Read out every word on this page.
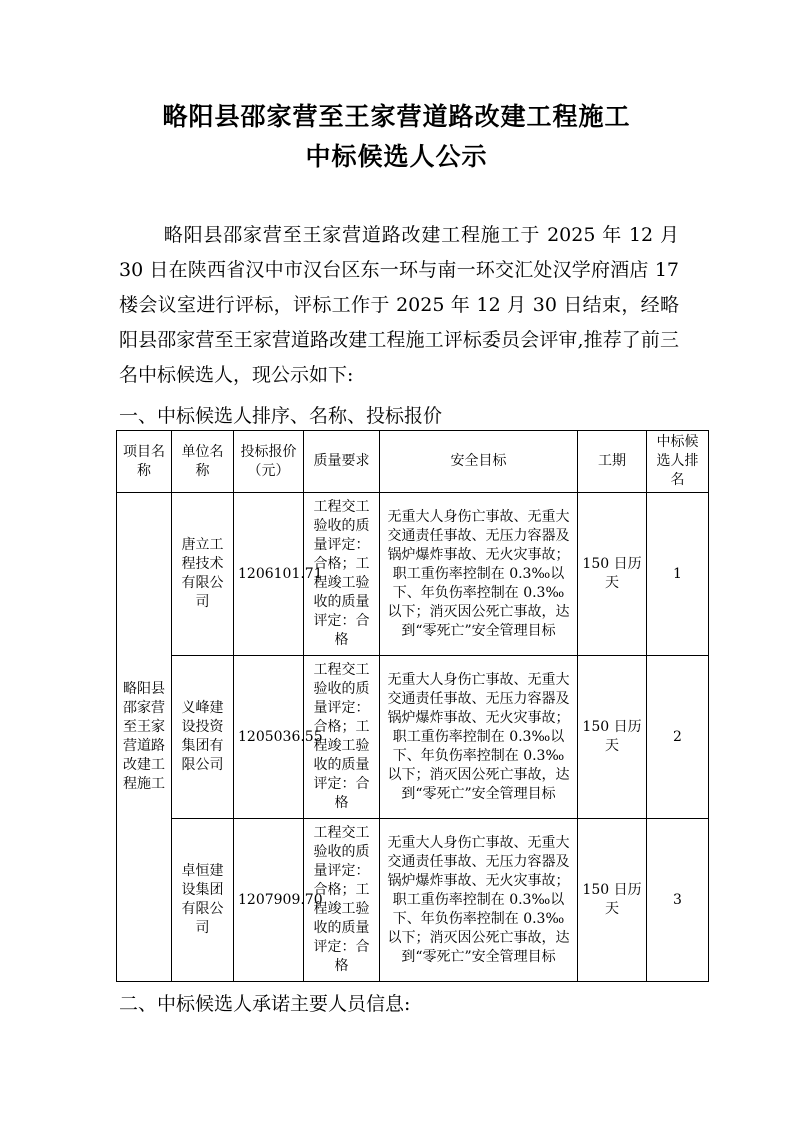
略阳县邵家营至王家营道路改建工程施工
中标候选人公示

略阳县邵家营至王家营道路改建工程施工于 2025 年 12 月 30 日在陕西省汉中市汉台区东一环与南一环交汇处汉学府酒店 17 楼会议室进行评标，评标工作于 2025 年 12 月 30 日结束，经略阳县邵家营至王家营道路改建工程施工评标委员会评审,推荐了前三名中标候选人，现公示如下:

一、中标候选人排序、名称、投标报价

项目名称	单位名称	投标报价（元）	质量要求	安全目标	工期	中标候选人排名
略阳县邵家营至王家营道路改建工程施工	唐立工程技术有限公司	1206101.71	工程交工验收的质量评定：合格；工程竣工验收的质量评定：合格	无重大人身伤亡事故、无重大交通责任事故、无压力容器及锅炉爆炸事故、无火灾事故；职工重伤率控制在 0.3‰以下、年负伤率控制在 0.3‰ 以下；消灭因公死亡事故，达到“零死亡”安全管理目标	150 日历天	1
	义峰建设投资集团有限公司	1205036.55	工程交工验收的质量评定：合格；工程竣工验收的质量评定：合格	无重大人身伤亡事故、无重大交通责任事故、无压力容器及锅炉爆炸事故、无火灾事故；职工重伤率控制在 0.3‰以下、年负伤率控制在 0.3‰ 以下；消灭因公死亡事故，达到“零死亡”安全管理目标	150 日历天	2
	卓恒建设集团有限公司	1207909.70	工程交工验收的质量评定：合格；工程竣工验收的质量评定：合格	无重大人身伤亡事故、无重大交通责任事故、无压力容器及锅炉爆炸事故、无火灾事故；职工重伤率控制在 0.3‰以下、年负伤率控制在 0.3‰ 以下；消灭因公死亡事故，达到“零死亡”安全管理目标	150 日历天	3

二、中标候选人承诺主要人员信息:
